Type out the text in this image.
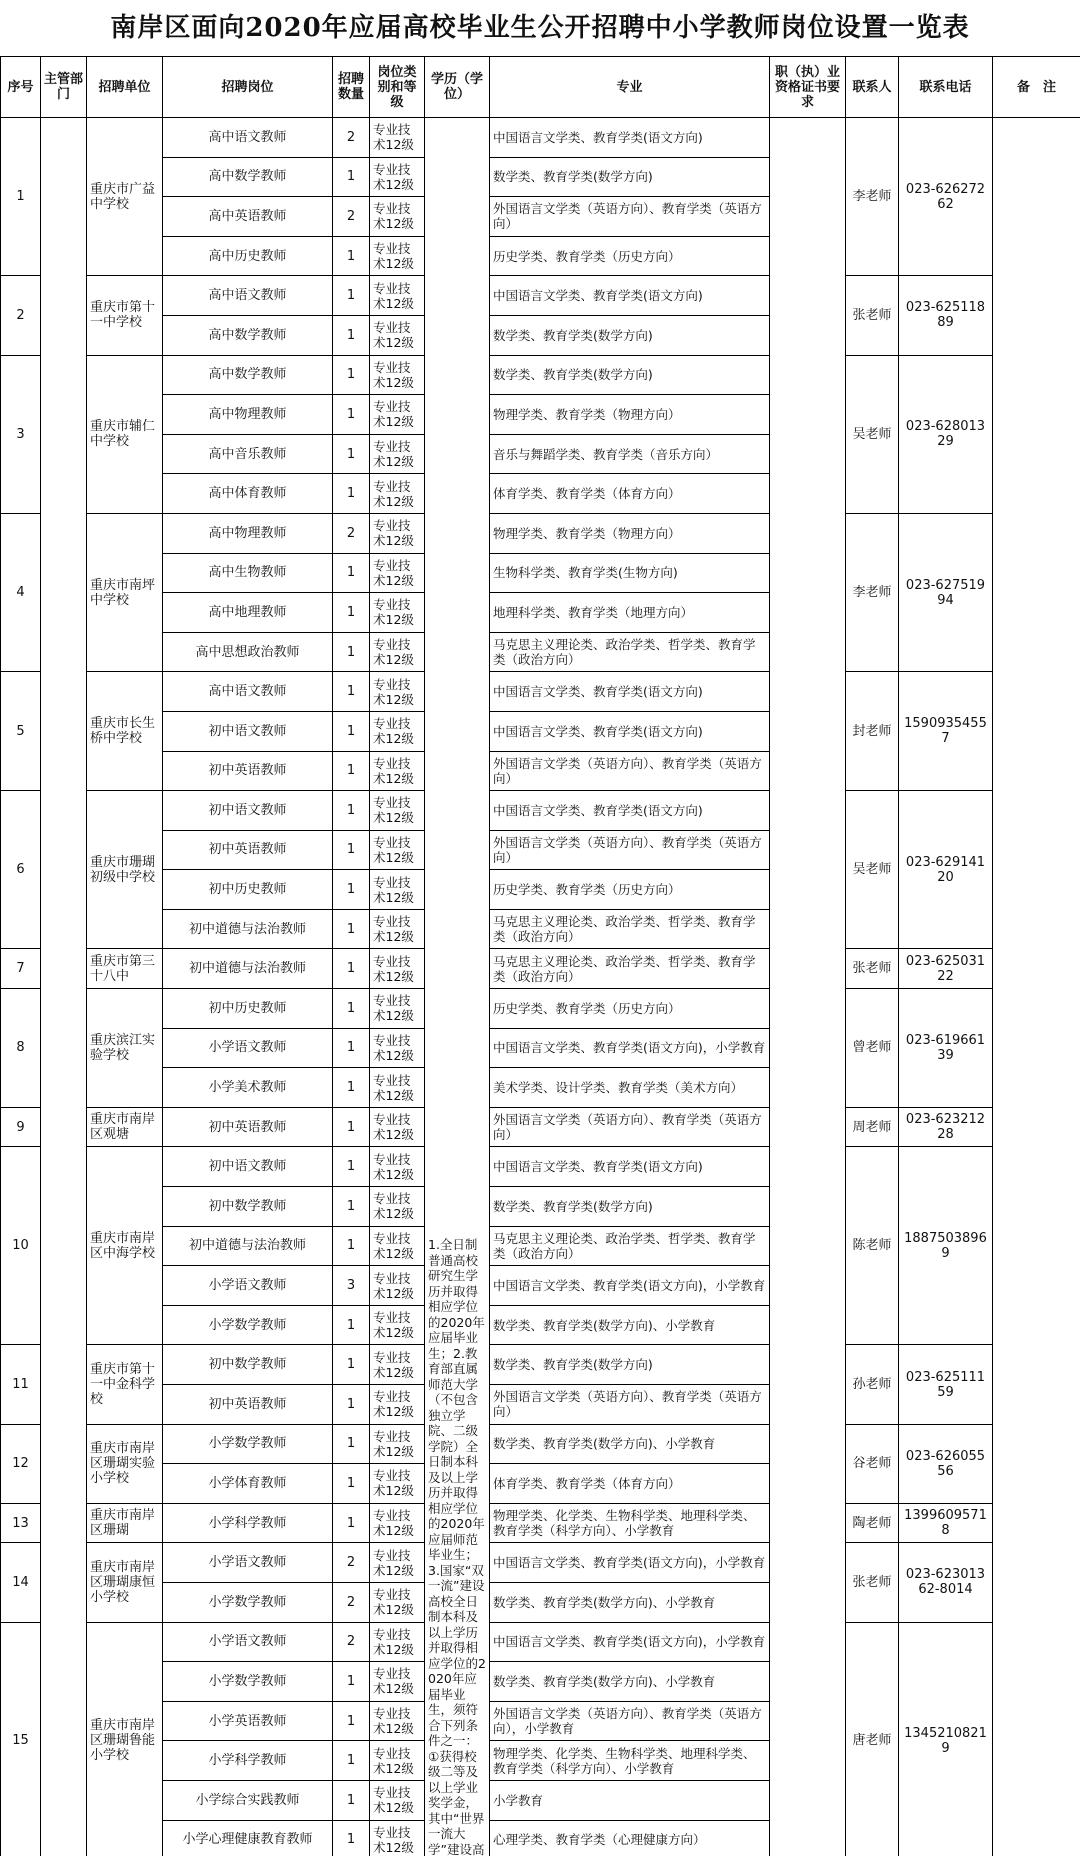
南岸区面向2020年应届高校毕业生公开招聘中小学教师岗位设置一览表
序号	主管部门	招聘单位	招聘岗位	招聘数量	岗位类别和等级	学历（学位）	专业	职（执）业资格证书要求	联系人	联系电话	备　注
1		重庆市广益中学校	高中语文教师	2	专业技术12级	1.全日制普通高校研究生学历并取得相应学位的2020年应届毕业生；2.教育部直属师范大学（不包含独立学院、二级学院）全日制本科及以上学历并取得相应学位的2020年应届师范毕业生；3.国家“双一流”建设高校全日制本科及以上学历并取得相应学位的2020年应届毕业生，须符合下列条件之一：①获得校级二等及以上学业奖学金，其中“世界一流大学”建设高	中国语言文学类、教育学类(语文方向)		李老师	023-62627262	
			高中数学教师	1	专业技术12级		数学类、教育学类(数学方向)				
			高中英语教师	2	专业技术12级		外国语言文学类（英语方向）、教育学类（英语方向）				
			高中历史教师	1	专业技术12级		历史学类、教育学类（历史方向）				
2		重庆市第十一中学校	高中语文教师	1	专业技术12级		中国语言文学类、教育学类(语文方向)		张老师	023-62511889	
			高中数学教师	1	专业技术12级		数学类、教育学类(数学方向)				
3		重庆市辅仁中学校	高中数学教师	1	专业技术12级		数学类、教育学类(数学方向)		吴老师	023-62801329	
			高中物理教师	1	专业技术12级		物理学类、教育学类（物理方向）				
			高中音乐教师	1	专业技术12级		音乐与舞蹈学类、教育学类（音乐方向）				
			高中体育教师	1	专业技术12级		体育学类、教育学类（体育方向）				
4		重庆市南坪中学校	高中物理教师	2	专业技术12级		物理学类、教育学类（物理方向）		李老师	023-62751994	
			高中生物教师	1	专业技术12级		生物科学类、教育学类(生物方向)				
			高中地理教师	1	专业技术12级		地理科学类、教育学类（地理方向）				
			高中思想政治教师	1	专业技术12级		马克思主义理论类、政治学类、哲学类、教育学类（政治方向）				
5		重庆市长生桥中学校	高中语文教师	1	专业技术12级		中国语言文学类、教育学类(语文方向)		封老师	15909354557	
			初中语文教师	1	专业技术12级		中国语言文学类、教育学类(语文方向)				
			初中英语教师	1	专业技术12级		外国语言文学类（英语方向）、教育学类（英语方向）				
6		重庆市珊瑚初级中学校	初中语文教师	1	专业技术12级		中国语言文学类、教育学类(语文方向)		吴老师	023-62914120	
			初中英语教师	1	专业技术12级		外国语言文学类（英语方向）、教育学类（英语方向）				
			初中历史教师	1	专业技术12级		历史学类、教育学类（历史方向）				
			初中道德与法治教师	1	专业技术12级		马克思主义理论类、政治学类、哲学类、教育学类（政治方向）				
7		重庆市第三十八中	初中道德与法治教师	1	专业技术12级		马克思主义理论类、政治学类、哲学类、教育学类（政治方向）		张老师	023-62503122	
8		重庆滨江实验学校	初中历史教师	1	专业技术12级		历史学类、教育学类（历史方向）		曾老师	023-61966139	
			小学语文教师	1	专业技术12级		中国语言文学类、教育学类(语文方向)，小学教育				
			小学美术教师	1	专业技术12级		美术学类、设计学类、教育学类（美术方向）				
9		重庆市南岸区观塘	初中英语教师	1	专业技术12级		外国语言文学类（英语方向）、教育学类（英语方向）		周老师	023-62321228	
10		重庆市南岸区中海学校	初中语文教师	1	专业技术12级		中国语言文学类、教育学类(语文方向)		陈老师	18875038969	
			初中数学教师	1	专业技术12级		数学类、教育学类(数学方向)				
			初中道德与法治教师	1	专业技术12级		马克思主义理论类、政治学类、哲学类、教育学类（政治方向）				
			小学语文教师	3	专业技术12级		中国语言文学类、教育学类(语文方向)，小学教育				
			小学数学教师	1	专业技术12级		数学类、教育学类(数学方向)、小学教育				
11		重庆市第十一中金科学校	初中数学教师	1	专业技术12级		数学类、教育学类(数学方向)		孙老师	023-62511159	
			初中英语教师	1	专业技术12级		外国语言文学类（英语方向）、教育学类（英语方向）				
12		重庆市南岸区珊瑚实验小学校	小学数学教师	1	专业技术12级		数学类、教育学类(数学方向)、小学教育		谷老师	023-62605556	
			小学体育教师	1	专业技术12级		体育学类、教育学类（体育方向）				
13		重庆市南岸区珊瑚	小学科学教师	1	专业技术12级		物理学类、化学类、生物科学类、地理科学类、教育学类（科学方向）、小学教育		陶老师	13996095718	
14		重庆市南岸区珊瑚康恒小学校	小学语文教师	2	专业技术12级		中国语言文学类、教育学类(语文方向)，小学教育		张老师	023-62301362-8014	
			小学数学教师	2	专业技术12级		数学类、教育学类(数学方向)、小学教育				
15		重庆市南岸区珊瑚鲁能小学校	小学语文教师	2	专业技术12级		中国语言文学类、教育学类(语文方向)，小学教育		唐老师	13452108219	
			小学数学教师	1	专业技术12级		数学类、教育学类(数学方向)、小学教育				
			小学英语教师	1	专业技术12级		外国语言文学类（英语方向）、教育学类（英语方向），小学教育				
			小学科学教师	1	专业技术12级		物理学类、化学类、生物科学类、地理科学类、教育学类（科学方向）、小学教育				
			小学综合实践教师	1	专业技术12级		小学教育				
			小学心理健康教育教师	1	专业技术12级		心理学类、教育学类（心理健康方向）				
